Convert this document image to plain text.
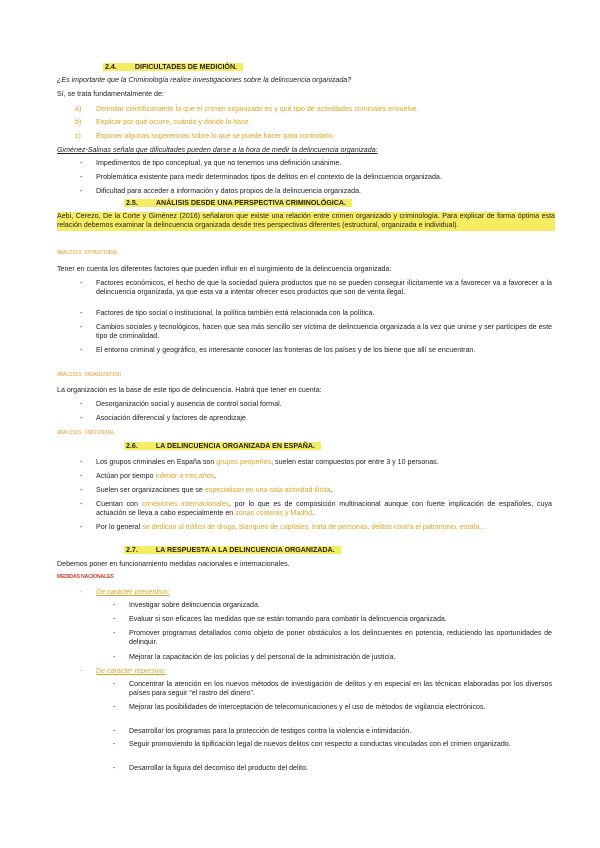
2.4.	DIFICULTADES DE MEDICIÓN.
¿Es importante que la Criminología realice investigaciones sobre la delincuencia organizada?
Sí, se trata fundamentalmente de:
a) Delimitar científicamente lo que el crimen organizado es y qué tipo de actividades criminales envuelve.
b) Explicar por qué ocurre, cuándo y dónde lo hace.
c) Exponer algunas sugerencias sobre lo que se puede hacer para controlarlo.
Giménez-Salinas señala que dificultades pueden darse a la hora de medir la delincuencia organizada:
- Impedimentos de tipo conceptual, ya que no tenemos una definición unánime.
- Problemática existente para medir determinados tipos de delitos en el contexto de la delincuencia organizada.
- Dificultad para acceder a información y datos propios de la delincuencia organizada.
2.5.	ANÁLISIS DESDE UNA PERSPECTIVA CRIMINOLÓGICA.
Aebi, Cerezo, De la Corte y Giménez (2016) señalaron que existe una relación entre crimen organizado y criminología. Para explicar de forma óptima esta relación debemos examinar la delincuencia organizada desde tres perspectivas diferentes (estructural, organizada e individual).
ANÁLISIS ESTRUCTURAL
Tener en cuenta los diferentes factores que pueden influir en el surgimiento de la delincuencia organizada:
- Factores económicos, el hecho de que la sociedad quiera productos que no se pueden conseguir ilícitamente va a favorecer va a favorecer a la delincuencia organizada, ya que esta va a intentar ofrecer esos productos que son de venta ilegal.
- Factores de tipo social o institucional, la política también está relacionada con la política.
- Cambios sociales y tecnológicos, hacen que sea más sencillo ser víctima de delincuencia organizada a la vez que unirse y ser partícipes de este tipo de criminalidad.
- El entorno criminal y geográfico, es interesante conocer las fronteras de los países y de los biene que allí se encuentran.
ANÁLISIS ORGANIZATIVO
La organización es la base de este tipo de delincuencia. Habrá que tener en cuenta:
- Desorganización social y ausencia de control social formal.
- Asociación diferencial y factores de aprendizaje.
ANÁLISIS INDIVIDUAL
2.6.	LA DELINCUENCIA ORGANIZADA EN ESPAÑA.
- Los grupos criminales en España son grupos pequeños, suelen estar compuestos por entre 3 y 10 personas.
- Actúan por tiempo inferior a tres años.
- Suelen ser organizaciones que se especializan en una sola actividad ilícita.
- Cuentan con conexiones internacionales, por lo que es de composición multinacional aunque con fuerte implicación de españoles, cuya actuación se lleva a cabo especialmente en zonas costeras y Madrid.
- Por lo general se dedican al tráfico de droga, blanqueo de capitales, trata de personas, delitos contra el patrimonio, estafa…
2.7.	LA RESPUESTA A LA DELINCUENCIA ORGANIZADA.
Debemos poner en funcionamiento medidas nacionales e internacionales.
MEDIDAS NACIONALES
- De carácter preventivo:
- Investigar sobre delincuencia organizada.
- Evaluar si son eficaces las medidas que se están tomando para combatir la delincuencia organizada.
- Promover programas detallados como objeto de poner obstáculos a los delincuentes en potencia, reduciendo las oportunidades de delinquir.
- Mejorar la capacitación de los policías y del personal de la administración de justicia.
- De carácter represivo:
- Concentrar la atención en los nuevos métodos de investigación de delitos y en especial en las técnicas elaboradas por los diversos países para seguir “el rastro del dinero”.
- Mejorar las posibilidades de interceptación de telecomunicaciones y el uso de métodos de vigilancia electrónicos.
- Desarrollar los programas para la protección de testigos contra la violencia e intimidación.
- Seguir promoviendo la tipificación legal de nuevos delitos con respecto a conductas vinculadas con el crimen organizado.
- Desarrollar la figura del decomiso del producto del delito.
